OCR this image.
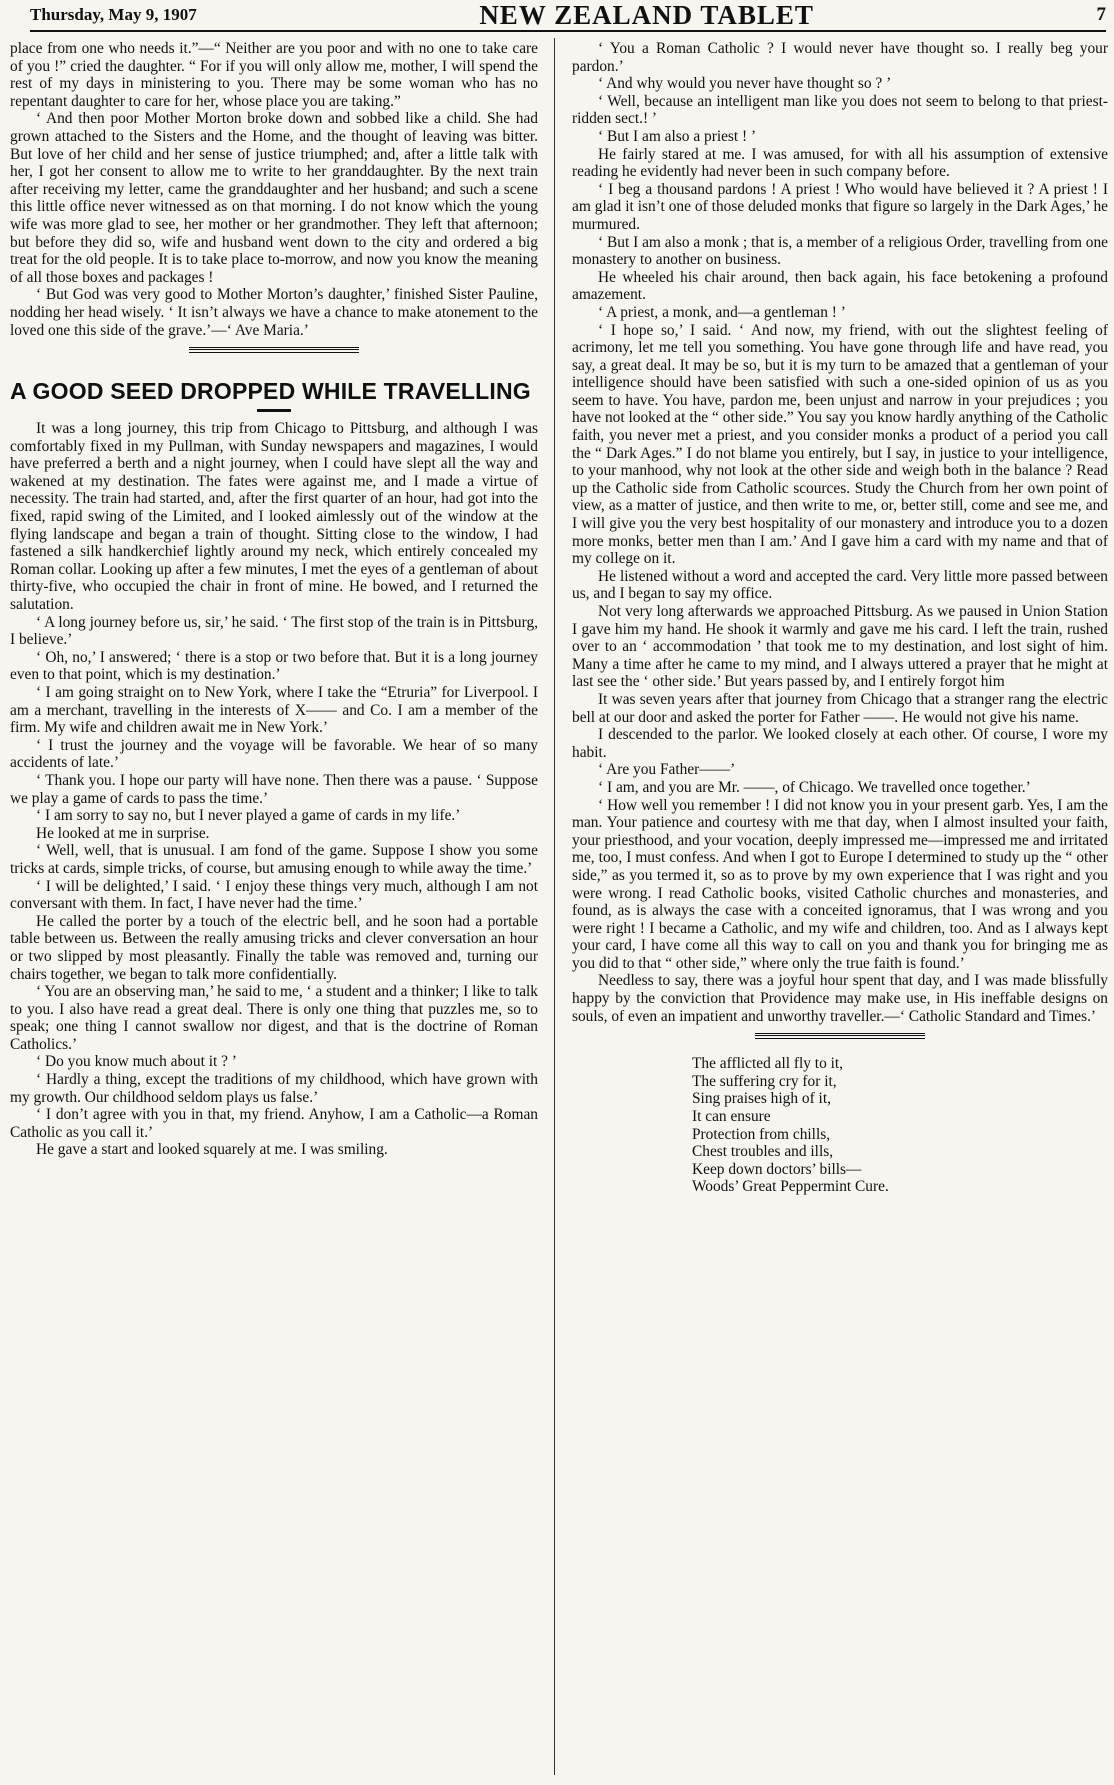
Thursday, May 9, 1907	NEW ZEALAND TABLET	7

place from one who needs it.”—“ Neither are you poor and with no one to take care of you !” cried the daughter. “ For if you will only allow me, mother, I will spend the rest of my days in ministering to you. There may be some woman who has no repentant daughter to care for her, whose place you are taking.”

‘ And then poor Mother Morton broke down and sobbed like a child. She had grown attached to the Sisters and the Home, and the thought of leaving was bitter. But love of her child and her sense of justice triumphed; and, after a little talk with her, I got her consent to allow me to write to her granddaughter. By the next train after receiving my letter, came the granddaughter and her husband; and such a scene this little office never witnessed as on that morning. I do not know which the young wife was more glad to see, her mother or her grandmother. They left that afternoon; but before they did so, wife and husband went down to the city and ordered a big treat for the old people. It is to take place to-morrow, and now you know the meaning of all those boxes and packages !

‘ But God was very good to Mother Morton’s daughter,’ finished Sister Pauline, nodding her head wisely. ‘ It isn’t always we have a chance to make atonement to the loved one this side of the grave.’—‘ Ave Maria.’

A GOOD SEED DROPPED WHILE TRAVELLING

It was a long journey, this trip from Chicago to Pittsburg, and although I was comfortably fixed in my Pullman, with Sunday newspapers and magazines, I would have preferred a berth and a night journey, when I could have slept all the way and wakened at my destination. The fates were against me, and I made a virtue of necessity. The train had started, and, after the first quarter of an hour, had got into the fixed, rapid swing of the Limited, and I looked aimlessly out of the window at the flying landscape and began a train of thought. Sitting close to the window, I had fastened a silk handkerchief lightly around my neck, which entirely concealed my Roman collar. Looking up after a few minutes, I met the eyes of a gentleman of about thirty-five, who occupied the chair in front of mine. He bowed, and I returned the salutation.

‘ A long journey before us, sir,’ he said. ‘ The first stop of the train is in Pittsburg, I believe.’

‘ Oh, no,’ I answered; ‘ there is a stop or two before that. But it is a long journey even to that point, which is my destination.’

‘ I am going straight on to New York, where I take the “Etruria” for Liverpool. I am a merchant, travelling in the interests of X—— and Co. I am a member of the firm. My wife and children await me in New York.’

‘ I trust the journey and the voyage will be favorable. We hear of so many accidents of late.’

‘ Thank you. I hope our party will have none. Then there was a pause. ‘ Suppose we play a game of cards to pass the time.’

‘ I am sorry to say no, but I never played a game of cards in my life.’

He looked at me in surprise.

‘ Well, well, that is unusual. I am fond of the game. Suppose I show you some tricks at cards, simple tricks, of course, but amusing enough to while away the time.’

‘ I will be delighted,’ I said. ‘ I enjoy these things very much, although I am not conversant with them. In fact, I have never had the time.’

He called the porter by a touch of the electric bell, and he soon had a portable table between us. Between the really amusing tricks and clever conversation an hour or two slipped by most pleasantly. Finally the table was removed and, turning our chairs together, we began to talk more confidentially.

‘ You are an observing man,’ he said to me, ‘ a student and a thinker; I like to talk to you. I also have read a great deal. There is only one thing that puzzles me, so to speak; one thing I cannot swallow nor digest, and that is the doctrine of Roman Catholics.’

‘ Do you know much about it ? ’

‘ Hardly a thing, except the traditions of my childhood, which have grown with my growth. Our childhood seldom plays us false.’

‘ I don’t agree with you in that, my friend. Anyhow, I am a Catholic—a Roman Catholic as you call it.’

He gave a start and looked squarely at me. I was smiling.

‘ You a Roman Catholic ? I would never have thought so. I really beg your pardon.’

‘ And why would you never have thought so ? ’

‘ Well, because an intelligent man like you does not seem to belong to that priest-ridden sect.! ’

‘ But I am also a priest ! ’

He fairly stared at me. I was amused, for with all his assumption of extensive reading he evidently had never been in such company before.

‘ I beg a thousand pardons ! A priest ! Who would have believed it ? A priest ! I am glad it isn’t one of those deluded monks that figure so largely in the Dark Ages,’ he murmured.

‘ But I am also a monk ; that is, a member of a religious Order, travelling from one monastery to another on business.

He wheeled his chair around, then back again, his face betokening a profound amazement.

‘ A priest, a monk, and—a gentleman ! ’

‘ I hope so,’ I said. ‘ And now, my friend, with out the slightest feeling of acrimony, let me tell you something. You have gone through life and have read, you say, a great deal. It may be so, but it is my turn to be amazed that a gentleman of your intelligence should have been satisfied with such a one-sided opinion of us as you seem to have. You have, pardon me, been unjust and narrow in your prejudices ; you have not looked at the “ other side.” You say you know hardly anything of the Catholic faith, you never met a priest, and you consider monks a product of a period you call the “ Dark Ages.” I do not blame you entirely, but I say, in justice to your intelligence, to your manhood, why not look at the other side and weigh both in the balance ? Read up the Catholic side from Catholic scources. Study the Church from her own point of view, as a matter of justice, and then write to me, or, better still, come and see me, and I will give you the very best hospitality of our monastery and introduce you to a dozen more monks, better men than I am.’ And I gave him a card with my name and that of my college on it.

He listened without a word and accepted the card. Very little more passed between us, and I began to say my office.

Not very long afterwards we approached Pittsburg. As we paused in Union Station I gave him my hand. He shook it warmly and gave me his card. I left the train, rushed over to an ‘ accommodation ’ that took me to my destination, and lost sight of him. Many a time after he came to my mind, and I always uttered a prayer that he might at last see the ‘ other side.’ But years passed by, and I entirely forgot him

It was seven years after that journey from Chicago that a stranger rang the electric bell at our door and asked the porter for Father ——. He would not give his name.

I descended to the parlor. We looked closely at each other. Of course, I wore my habit.

‘ Are you Father——’

‘ I am, and you are Mr. ——, of Chicago. We travelled once together.’

‘ How well you remember ! I did not know you in your present garb. Yes, I am the man. Your patience and courtesy with me that day, when I almost insulted your faith, your priesthood, and your vocation, deeply impressed me—impressed me and irritated me, too, I must confess. And when I got to Europe I determined to study up the “ other side,” as you termed it, so as to prove by my own experience that I was right and you were wrong. I read Catholic books, visited Catholic churches and monasteries, and found, as is always the case with a conceited ignoramus, that I was wrong and you were right ! I became a Catholic, and my wife and children, too. And as I always kept your card, I have come all this way to call on you and thank you for bringing me as you did to that “ other side,” where only the true faith is found.’

Needless to say, there was a joyful hour spent that day, and I was made blissfully happy by the conviction that Providence may make use, in His ineffable designs on souls, of even an impatient and unworthy traveller.—‘ Catholic Standard and Times.’

The afflicted all fly to it,
The suffering cry for it,
Sing praises high of it,
It can ensure
Protection from chills,
Chest troubles and ills,
Keep down doctors’ bills—
Woods’ Great Peppermint Cure.
